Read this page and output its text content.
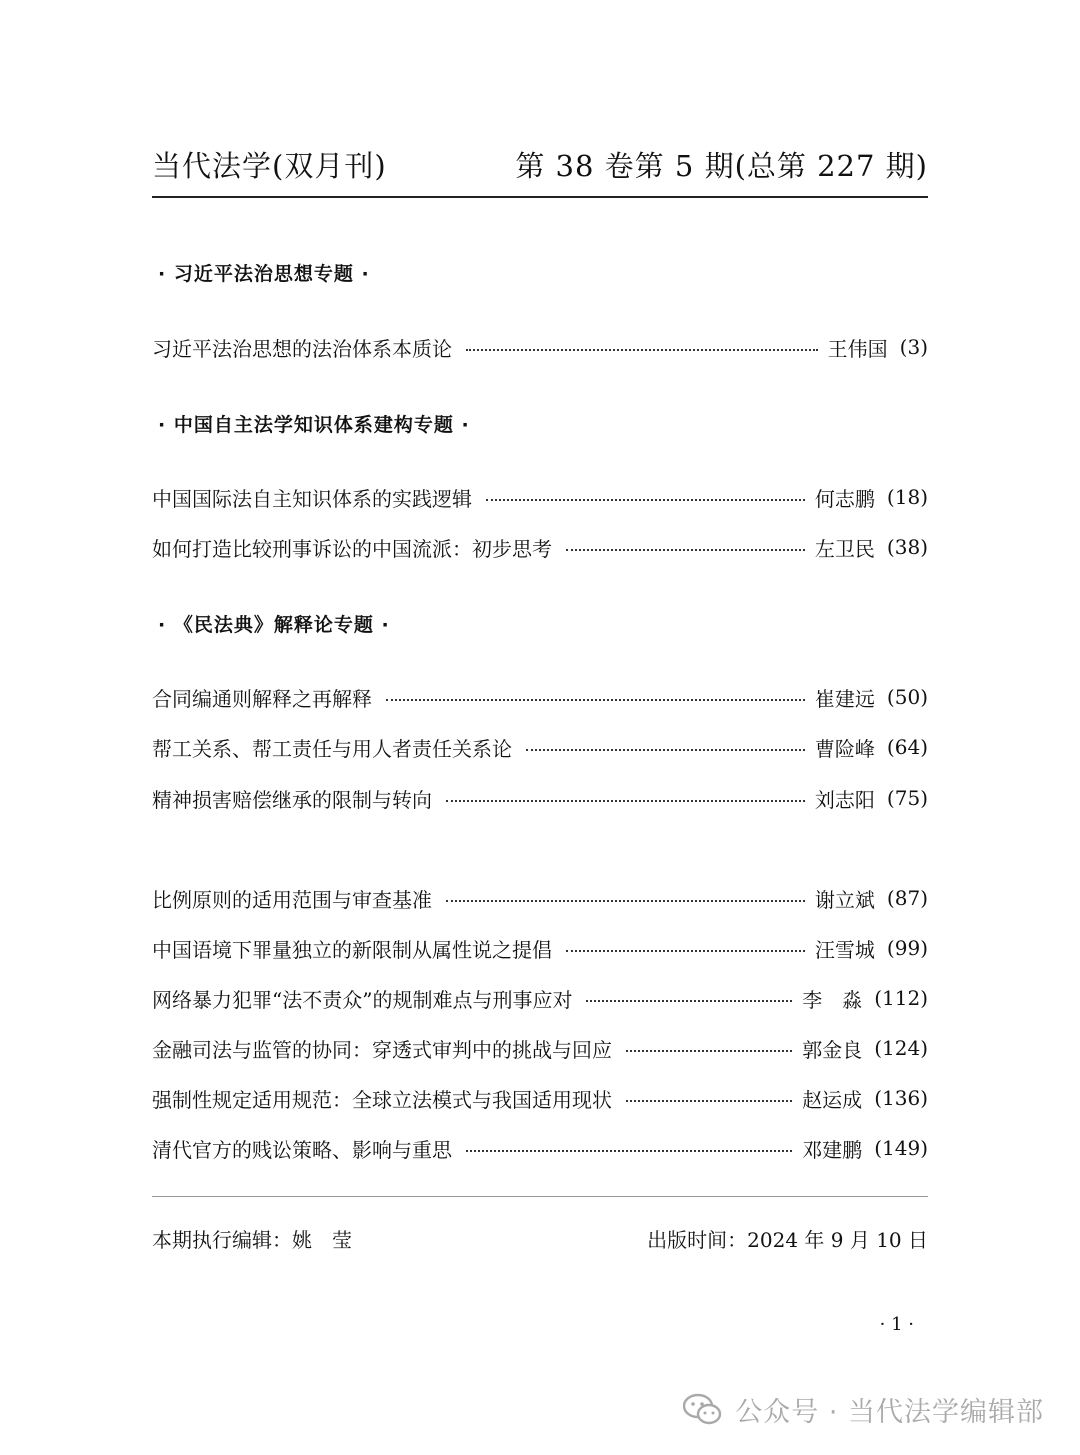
当代法学(双月刊)	第 38 卷第 5 期(总第 227 期)
· 习近平法治思想专题 ·
习近平法治思想的法治体系本质论	王伟国 ( 3 )
· 中国自主法学知识体系建构专题 ·
中国国际法自主知识体系的实践逻辑	何志鹏 ( 18 )
如何打造比较刑事诉讼的中国流派：初步思考	左卫民 ( 38 )
· 《民法典》解释论专题 ·
合同编通则解释之再解释	崔建远 ( 50 )
帮工关系、帮工责任与用人者责任关系论	曹险峰 ( 64 )
精神损害赔偿继承的限制与转向	刘志阳 ( 75 )
比例原则的适用范围与审查基准	谢立斌 ( 87 )
中国语境下罪量独立的新限制从属性说之提倡	汪雪城 ( 99 )
网络暴力犯罪“法不责众”的规制难点与刑事应对	李　淼 ( 112 )
金融司法与监管的协同：穿透式审判中的挑战与回应	郭金良 ( 124 )
强制性规定适用规范：全球立法模式与我国适用现状	赵运成 ( 136 )
清代官方的贱讼策略、影响与重思	邓建鹏 ( 149 )
本期执行编辑：姚　莹	出版时间：2024 年 9 月 10 日
· 1 ·
公众号 · 当代法学编辑部
